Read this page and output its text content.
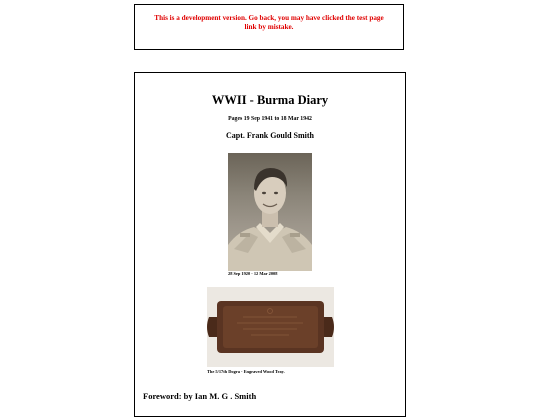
This is a development version. Go back, you may have clicked the test page link by mistake.
WWII - Burma Diary
Pages 19 Sep 1941 to 18 Mar 1942
Capt. Frank Gould Smith
28 Sep 1920 - 12 Mar 2008
The 5/17th Dogra - Engraved Wood Tray.
Foreword: by Ian M. G . Smith
